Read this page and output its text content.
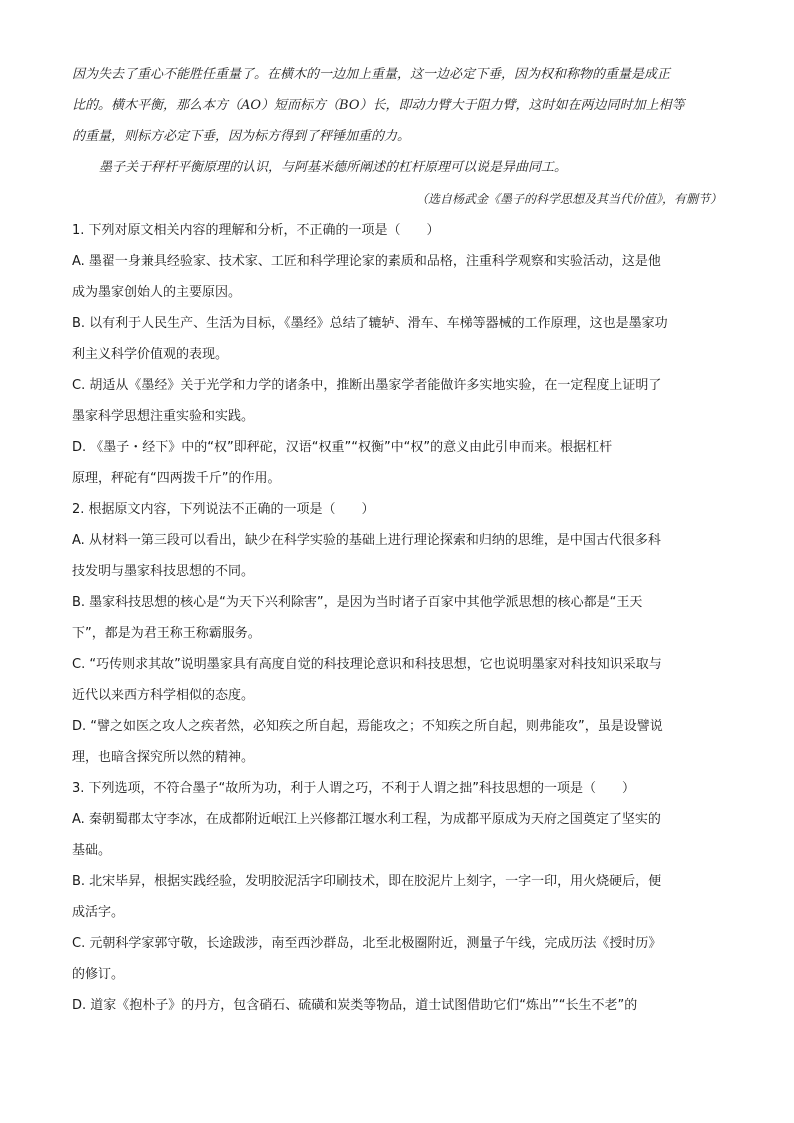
因为失去了重心不能胜任重量了。在横木的一边加上重量，这一边必定下垂，因为权和称物的重量是成正
比的。横木平衡，那么本方（AO）短而标方（BO）长，即动力臂大于阻力臂，这时如在两边同时加上相等
的重量，则标方必定下垂，因为标方得到了秤锤加重的力。
墨子关于秤杆平衡原理的认识，与阿基米德所阐述的杠杆原理可以说是异曲同工。
（选自杨武金《墨子的科学思想及其当代价值》，有删节）
1. 下列对原文相关内容的理解和分析，不正确的一项是（　　）
A. 墨翟一身兼具经验家、技术家、工匠和科学理论家的素质和品格，注重科学观察和实验活动，这是他
成为墨家创始人的主要原因。
B. 以有利于人民生产、生活为目标，《墨经》总结了辘轳、滑车、车梯等器械的工作原理，这也是墨家功
利主义科学价值观的表现。
C. 胡适从《墨经》关于光学和力学的诸条中，推断出墨家学者能做许多实地实验，在一定程度上证明了
墨家科学思想注重实验和实践。
D. 《墨子・经下》中的“权”即秤砣，汉语“权重”“权衡”中“权”的意义由此引申而来。根据杠杆
原理，秤砣有“四两拨千斤”的作用。
2. 根据原文内容，下列说法不正确的一项是（　　）
A. 从材料一第三段可以看出，缺少在科学实验的基础上进行理论探索和归纳的思维，是中国古代很多科
技发明与墨家科技思想的不同。
B. 墨家科技思想的核心是“为天下兴利除害”，是因为当时诸子百家中其他学派思想的核心都是“王天
下”，都是为君王称王称霸服务。
C. “巧传则求其故”说明墨家具有高度自觉的科技理论意识和科技思想，它也说明墨家对科技知识采取与
近代以来西方科学相似的态度。
D. “譬之如医之攻人之疾者然，必知疾之所自起，焉能攻之；不知疾之所自起，则弗能攻”，虽是设譬说
理，也暗含探究所以然的精神。
3. 下列选项，不符合墨子“故所为功，利于人谓之巧，不利于人谓之拙”科技思想的一项是（　　）
A. 秦朝蜀郡太守李冰，在成都附近岷江上兴修都江堰水利工程，为成都平原成为天府之国奠定了坚实的
基础。
B. 北宋毕昇，根据实践经验，发明胶泥活字印刷技术，即在胶泥片上刻字，一字一印，用火烧硬后，便
成活字。
C. 元朝科学家郭守敬，长途跋涉，南至西沙群岛，北至北极圈附近，测量子午线，完成历法《授时历》
的修订。
D. 道家《抱朴子》的丹方，包含硝石、硫磺和炭类等物品，道士试图借助它们“炼出”“长生不老”的
